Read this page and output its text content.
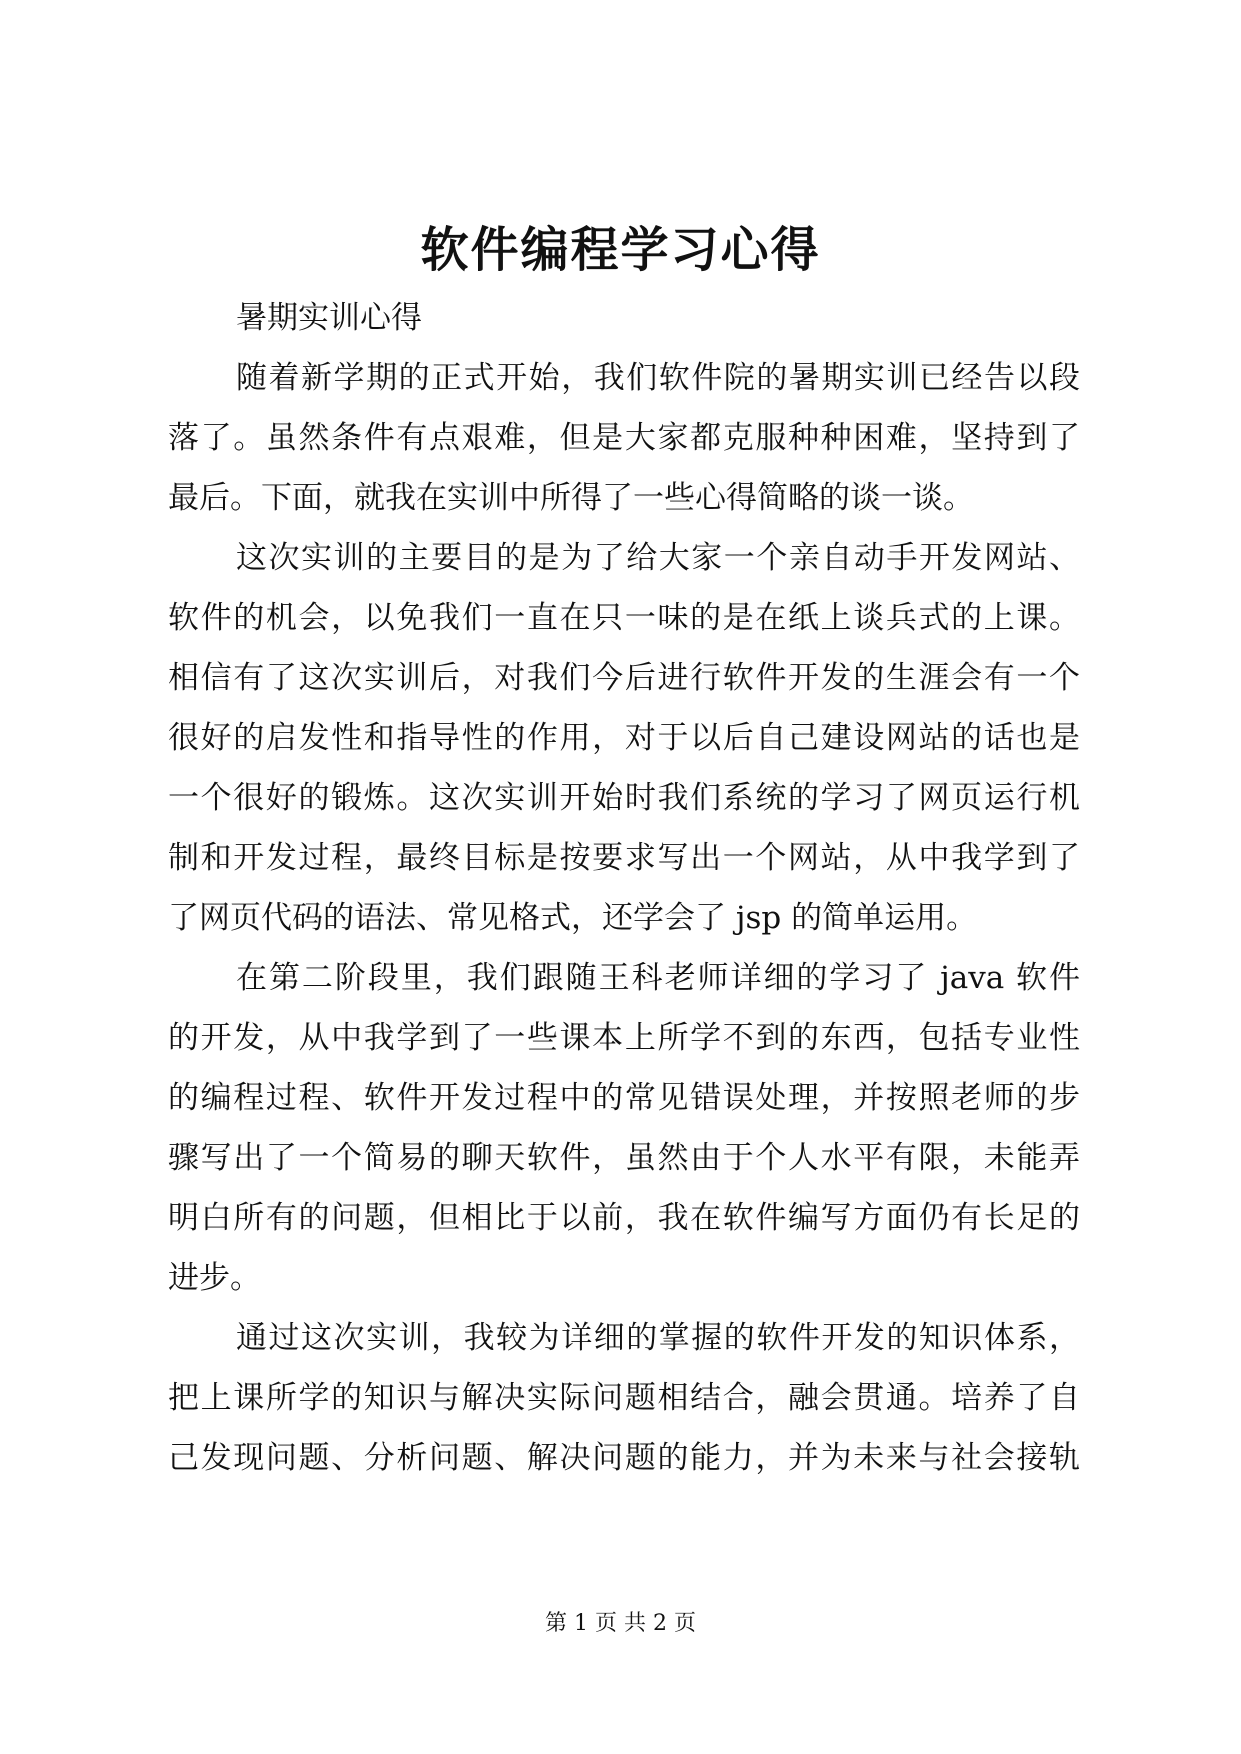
软件编程学习心得
暑期实训心得
随着新学期的正式开始，我们软件院的暑期实训已经告以段
落了。虽然条件有点艰难，但是大家都克服种种困难，坚持到了
最后。下面，就我在实训中所得了一些心得简略的谈一谈。
这次实训的主要目的是为了给大家一个亲自动手开发网站、
软件的机会，以免我们一直在只一味的是在纸上谈兵式的上课。
相信有了这次实训后，对我们今后进行软件开发的生涯会有一个
很好的启发性和指导性的作用，对于以后自己建设网站的话也是
一个很好的锻炼。这次实训开始时我们系统的学习了网页运行机
制和开发过程，最终目标是按要求写出一个网站，从中我学到了
了网页代码的语法、常见格式，还学会了 jsp 的简单运用。
在第二阶段里，我们跟随王科老师详细的学习了 java 软件
的开发，从中我学到了一些课本上所学不到的东西，包括专业性
的编程过程、软件开发过程中的常见错误处理，并按照老师的步
骤写出了一个简易的聊天软件，虽然由于个人水平有限，未能弄
明白所有的问题，但相比于以前，我在软件编写方面仍有长足的
进步。
通过这次实训，我较为详细的掌握的软件开发的知识体系，
把上课所学的知识与解决实际问题相结合，融会贯通。培养了自
己发现问题、分析问题、解决问题的能力，并为未来与社会接轨
第 1 页 共 2 页
